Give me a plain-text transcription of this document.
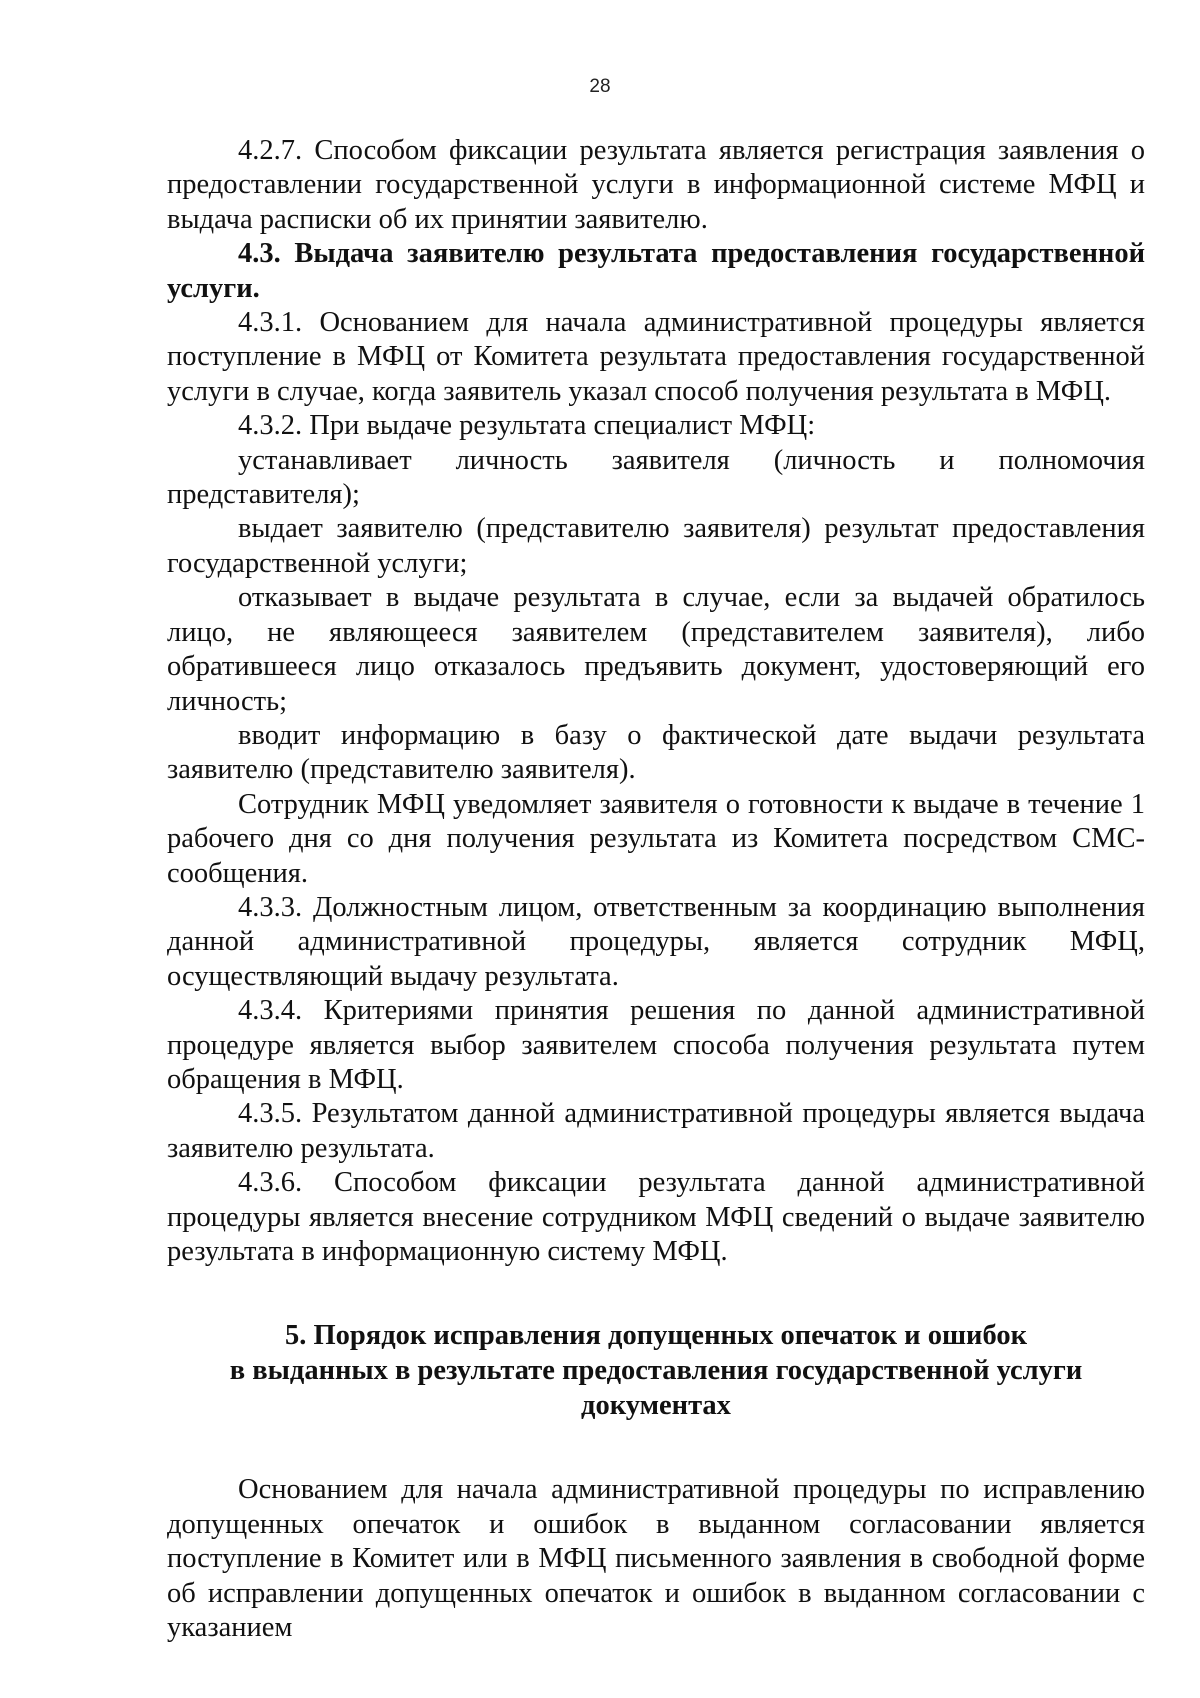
28

4.2.7. Способом фиксации результата является регистрация заявления о предоставлении государственной услуги в информационной системе МФЦ и выдача расписки об их принятии заявителю.

4.3. Выдача заявителю результата предоставления государственной услуги.

4.3.1. Основанием для начала административной процедуры является поступление в МФЦ от Комитета результата предоставления государственной услуги в случае, когда заявитель указал способ получения результата в МФЦ.

4.3.2. При выдаче результата специалист МФЦ:

устанавливает личность заявителя (личность и полномочия представителя);

выдает заявителю (представителю заявителя) результат предоставления государственной услуги;

отказывает в выдаче результата в случае, если за выдачей обратилось лицо, не являющееся заявителем (представителем заявителя), либо обратившееся лицо отказалось предъявить документ, удостоверяющий его личность;

вводит информацию в базу о фактической дате выдачи результата заявителю (представителю заявителя).

Сотрудник МФЦ уведомляет заявителя о готовности к выдаче в течение 1 рабочего дня со дня получения результата из Комитета посредством СМС-сообщения.

4.3.3. Должностным лицом, ответственным за координацию выполнения данной административной процедуры, является сотрудник МФЦ, осуществляющий выдачу результата.

4.3.4. Критериями принятия решения по данной административной процедуре является выбор заявителем способа получения результата путем обращения в МФЦ.

4.3.5. Результатом данной административной процедуры является выдача заявителю результата.

4.3.6. Способом фиксации результата данной административной процедуры является внесение сотрудником МФЦ сведений о выдаче заявителю результата в информационную систему МФЦ.

5. Порядок исправления допущенных опечаток и ошибок
в выданных в результате предоставления государственной услуги
документах

Основанием для начала административной процедуры по исправлению допущенных опечаток и ошибок в выданном согласовании является поступление в Комитет или в МФЦ письменного заявления в свободной форме об исправлении допущенных опечаток и ошибок в выданном согласовании с указанием
